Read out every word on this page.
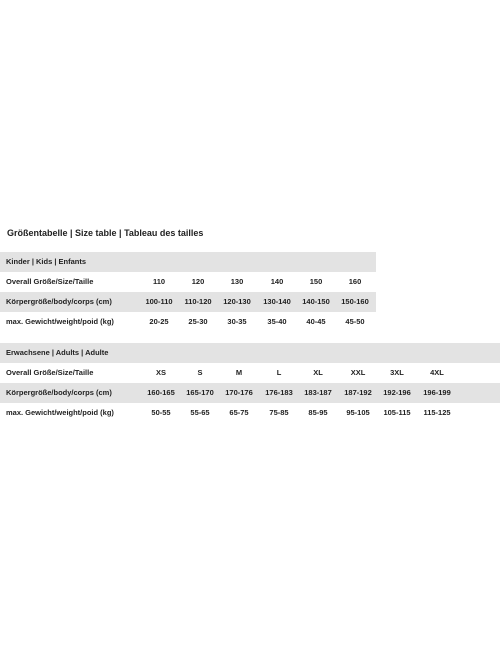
Größentabelle | Size table | Tableau des tailles
Kinder | Kids | Enfants
Overall Größe/Size/Taille	110	120	130	140	150	160
Körpergröße/body/corps (cm)	100-110 110-120 120-130 130-140 140-150 150-160
max. Gewicht/weight/poid (kg)	20-25	25-30	30-35	35-40	40-45	45-50
Erwachsene | Adults | Adulte
Overall Größe/Size/Taille	XS	S	M	L	XL	XXL	3XL	4XL
Körpergröße/body/corps (cm)	160-165 165-170 170-176 176-183 183-187 187-192 192-196 196-199
max. Gewicht/weight/poid (kg)	50-55	55-65	65-75	75-85	85-95 95-105 105-115 115-125
